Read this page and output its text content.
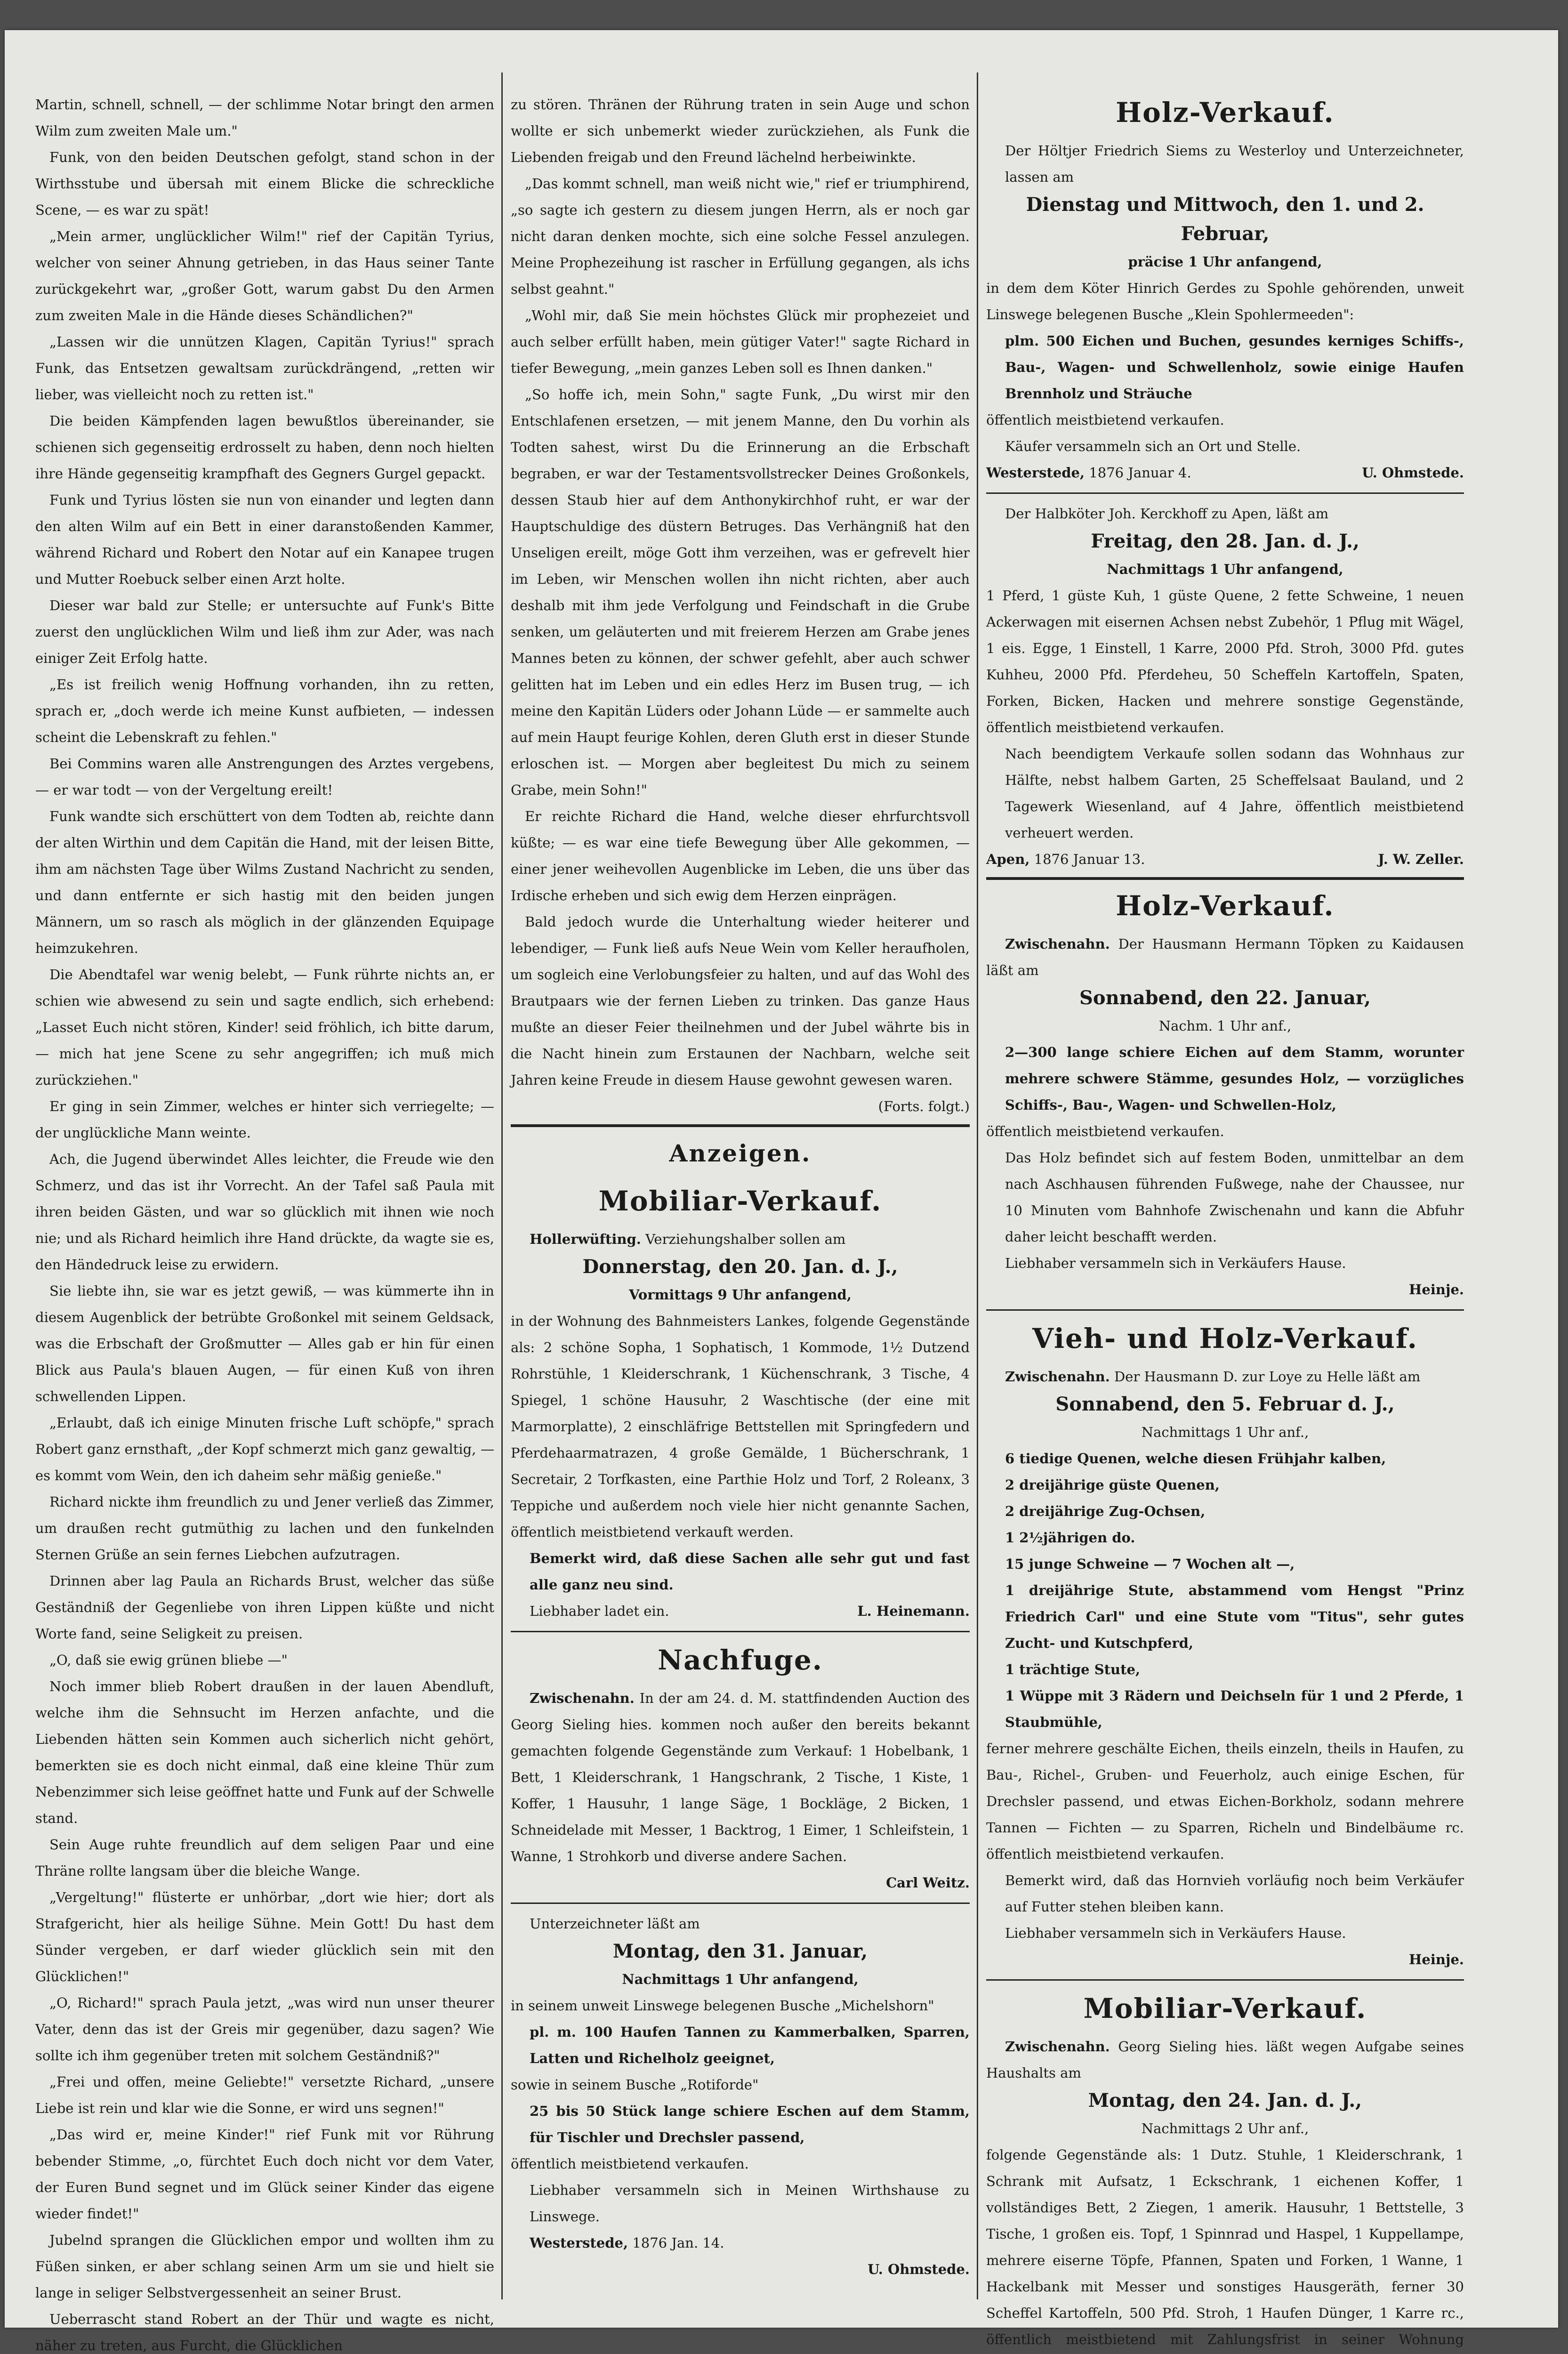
Martin, schnell, schnell, — der schlimme Notar bringt den armen Wilm zum zweiten Male um."

Funk, von den beiden Deutschen gefolgt, stand schon in der Wirthsstube und übersah mit einem Blicke die schreckliche Scene, — es war zu spät!

„Mein armer, unglücklicher Wilm!" rief der Capitän Tyrius, welcher von seiner Ahnung getrieben, in das Haus seiner Tante zurückgekehrt war, „großer Gott, warum gabst Du den Armen zum zweiten Male in die Hände dieses Schändlichen?"

„Lassen wir die unnützen Klagen, Capitän Tyrius!" sprach Funk, das Entsetzen gewaltsam zurückdrängend, „retten wir lieber, was vielleicht noch zu retten ist."

Die beiden Kämpfenden lagen bewußtlos übereinander, sie schienen sich gegenseitig erdrosselt zu haben, denn noch hielten ihre Hände gegenseitig krampfhaft des Gegners Gurgel gepackt.

Funk und Tyrius lösten sie nun von einander und legten dann den alten Wilm auf ein Bett in einer daranstoßenden Kammer, während Richard und Robert den Notar auf ein Kanapee trugen und Mutter Roebuck selber einen Arzt holte.

Dieser war bald zur Stelle; er untersuchte auf Funk's Bitte zuerst den unglücklichen Wilm und ließ ihm zur Ader, was nach einiger Zeit Erfolg hatte.

„Es ist freilich wenig Hoffnung vorhanden, ihn zu retten, sprach er, „doch werde ich meine Kunst aufbieten, — indessen scheint die Lebenskraft zu fehlen."

Bei Commins waren alle Anstrengungen des Arztes vergebens, — er war todt — von der Vergeltung ereilt!

Funk wandte sich erschüttert von dem Todten ab, reichte dann der alten Wirthin und dem Capitän die Hand, mit der leisen Bitte, ihm am nächsten Tage über Wilms Zustand Nachricht zu senden, und dann entfernte er sich hastig mit den beiden jungen Männern, um so rasch als möglich in der glänzenden Equipage heimzukehren.

Die Abendtafel war wenig belebt, — Funk rührte nichts an, er schien wie abwesend zu sein und sagte endlich, sich erhebend: „Lasset Euch nicht stören, Kinder! seid fröhlich, ich bitte darum, — mich hat jene Scene zu sehr angegriffen; ich muß mich zurückziehen."

Er ging in sein Zimmer, welches er hinter sich verriegelte; — der unglückliche Mann weinte.

Ach, die Jugend überwindet Alles leichter, die Freude wie den Schmerz, und das ist ihr Vorrecht. An der Tafel saß Paula mit ihren beiden Gästen, und war so glücklich mit ihnen wie noch nie; und als Richard heimlich ihre Hand drückte, da wagte sie es, den Händedruck leise zu erwidern.

Sie liebte ihn, sie war es jetzt gewiß, — was kümmerte ihn in diesem Augenblick der betrübte Großonkel mit seinem Geldsack, was die Erbschaft der Großmutter — Alles gab er hin für einen Blick aus Paula's blauen Augen, — für einen Kuß von ihren schwellenden Lippen.

„Erlaubt, daß ich einige Minuten frische Luft schöpfe," sprach Robert ganz ernsthaft, „der Kopf schmerzt mich ganz gewaltig, — es kommt vom Wein, den ich daheim sehr mäßig genieße."

Richard nickte ihm freundlich zu und Jener verließ das Zimmer, um draußen recht gutmüthig zu lachen und den funkelnden Sternen Grüße an sein fernes Liebchen aufzutragen.

Drinnen aber lag Paula an Richards Brust, welcher das süße Geständniß der Gegenliebe von ihren Lippen küßte und nicht Worte fand, seine Seligkeit zu preisen.

„O, daß sie ewig grünen bliebe —"

Noch immer blieb Robert draußen in der lauen Abendluft, welche ihm die Sehnsucht im Herzen anfachte, und die Liebenden hätten sein Kommen auch sicherlich nicht gehört, bemerkten sie es doch nicht einmal, daß eine kleine Thür zum Nebenzimmer sich leise geöffnet hatte und Funk auf der Schwelle stand.

Sein Auge ruhte freundlich auf dem seligen Paar und eine Thräne rollte langsam über die bleiche Wange.

„Vergeltung!" flüsterte er unhörbar, „dort wie hier; dort als Strafgericht, hier als heilige Sühne. Mein Gott! Du hast dem Sünder vergeben, er darf wieder glücklich sein mit den Glücklichen!"

„O, Richard!" sprach Paula jetzt, „was wird nun unser theurer Vater, denn das ist der Greis mir gegenüber, dazu sagen? Wie sollte ich ihm gegenüber treten mit solchem Geständniß?"

„Frei und offen, meine Geliebte!" versetzte Richard, „unsere Liebe ist rein und klar wie die Sonne, er wird uns segnen!"

„Das wird er, meine Kinder!" rief Funk mit vor Rührung bebender Stimme, „o, fürchtet Euch doch nicht vor dem Vater, der Euren Bund segnet und im Glück seiner Kinder das eigene wieder findet!"

Jubelnd sprangen die Glücklichen empor und wollten ihm zu Füßen sinken, er aber schlang seinen Arm um sie und hielt sie lange in seliger Selbstvergessenheit an seiner Brust.

Ueberrascht stand Robert an der Thür und wagte es nicht, näher zu treten, aus Furcht, die Glücklichen

zu stören. Thränen der Rührung traten in sein Auge und schon wollte er sich unbemerkt wieder zurückziehen, als Funk die Liebenden freigab und den Freund lächelnd herbeiwinkte.

„Das kommt schnell, man weiß nicht wie," rief er triumphirend, „so sagte ich gestern zu diesem jungen Herrn, als er noch gar nicht daran denken mochte, sich eine solche Fessel anzulegen. Meine Prophezeihung ist rascher in Erfüllung gegangen, als ichs selbst geahnt."

„Wohl mir, daß Sie mein höchstes Glück mir prophezeiet und auch selber erfüllt haben, mein gütiger Vater!" sagte Richard in tiefer Bewegung, „mein ganzes Leben soll es Ihnen danken."

„So hoffe ich, mein Sohn," sagte Funk, „Du wirst mir den Entschlafenen ersetzen, — mit jenem Manne, den Du vorhin als Todten sahest, wirst Du die Erinnerung an die Erbschaft begraben, er war der Testamentsvollstrecker Deines Großonkels, dessen Staub hier auf dem Anthonykirchhof ruht, er war der Hauptschuldige des düstern Betruges. Das Verhängniß hat den Unseligen ereilt, möge Gott ihm verzeihen, was er gefrevelt hier im Leben, wir Menschen wollen ihn nicht richten, aber auch deshalb mit ihm jede Verfolgung und Feindschaft in die Grube senken, um geläuterten und mit freierem Herzen am Grabe jenes Mannes beten zu können, der schwer gefehlt, aber auch schwer gelitten hat im Leben und ein edles Herz im Busen trug, — ich meine den Kapitän Lüders oder Johann Lüde — er sammelte auch auf mein Haupt feurige Kohlen, deren Gluth erst in dieser Stunde erloschen ist. — Morgen aber begleitest Du mich zu seinem Grabe, mein Sohn!"

Er reichte Richard die Hand, welche dieser ehrfurchtsvoll küßte; — es war eine tiefe Bewegung über Alle gekommen, — einer jener weihevollen Augenblicke im Leben, die uns über das Irdische erheben und sich ewig dem Herzen einprägen.

Bald jedoch wurde die Unterhaltung wieder heiterer und lebendiger, — Funk ließ aufs Neue Wein vom Keller heraufholen, um sogleich eine Verlobungsfeier zu halten, und auf das Wohl des Brautpaars wie der fernen Lieben zu trinken. Das ganze Haus mußte an dieser Feier theilnehmen und der Jubel währte bis in die Nacht hinein zum Erstaunen der Nachbarn, welche seit Jahren keine Freude in diesem Hause gewohnt gewesen waren.

(Forts. folgt.)

Anzeigen.
Mobiliar-Verkauf.

Hollerwüfting. Verziehungshalber sollen am

Donnerstag, den 20. Jan. d. J.,
Vormittags 9 Uhr anfangend,

in der Wohnung des Bahnmeisters Lankes, folgende Gegenstände als: 2 schöne Sopha, 1 Sophatisch, 1 Kommode, 1½ Dutzend Rohrstühle, 1 Kleiderschrank, 1 Küchenschrank, 3 Tische, 4 Spiegel, 1 schöne Hausuhr, 2 Waschtische (der eine mit Marmorplatte), 2 einschläfrige Bettstellen mit Springfedern und Pferdehaarmatrazen, 4 große Gemälde, 1 Bücherschrank, 1 Secretair, 2 Torfkasten, eine Parthie Holz und Torf, 2 Roleanx, 3 Teppiche und außerdem noch viele hier nicht genannte Sachen, öffentlich meistbietend verkauft werden.

Bemerkt wird, daß diese Sachen alle sehr gut und fast alle ganz neu sind.

Liebhaber ladet ein.	L. Heinemann.

Nachfuge.

Zwischenahn. In der am 24. d. M. stattfindenden Auction des Georg Sieling hies. kommen noch außer den bereits bekannt gemachten folgende Gegenstände zum Verkauf: 1 Hobelbank, 1 Bett, 1 Kleiderschrank, 1 Hangschrank, 2 Tische, 1 Kiste, 1 Koffer, 1 Hausuhr, 1 lange Säge, 1 Bockläge, 2 Bicken, 1 Schneidelade mit Messer, 1 Backtrog, 1 Eimer, 1 Schleifstein, 1 Wanne, 1 Strohkorb und diverse andere Sachen.

Carl Weitz.

Unterzeichneter läßt am

Montag, den 31. Januar,
Nachmittags 1 Uhr anfangend,

in seinem unweit Linswege belegenen Busche „Michelshorn"

pl. m. 100 Haufen Tannen zu Kammerbalken, Sparren, Latten und Richelholz geeignet,

sowie in seinem Busche „Rotiforde"

25 bis 50 Stück lange schiere Eschen auf dem Stamm, für Tischler und Drechsler passend,

öffentlich meistbietend verkaufen.

Liebhaber versammeln sich in Meinen Wirthshause zu Linswege.

Westerstede, 1876 Jan. 14.

U. Ohmstede.

Holz-Verkauf.

Der Höltjer Friedrich Siems zu Westerloy und Unterzeichneter, lassen am

Dienstag und Mittwoch, den 1. und 2. Februar,
präcise 1 Uhr anfangend,

in dem dem Köter Hinrich Gerdes zu Spohle gehörenden, unweit Linswege belegenen Busche „Klein Spohlermeeden":

plm. 500 Eichen und Buchen, gesundes kerniges Schiffs-, Bau-, Wagen- und Schwellenholz, sowie einige Haufen Brennholz und Sträuche

öffentlich meistbietend verkaufen.

Käufer versammeln sich an Ort und Stelle.

Westerstede, 1876 Januar 4.	U. Ohmstede.

Der Halbköter Joh. Kerckhoff zu Apen, läßt am

Freitag, den 28. Jan. d. J.,
Nachmittags 1 Uhr anfangend,

1 Pferd, 1 güste Kuh, 1 güste Quene, 2 fette Schweine, 1 neuen Ackerwagen mit eisernen Achsen nebst Zubehör, 1 Pflug mit Wägel, 1 eis. Egge, 1 Einstell, 1 Karre, 2000 Pfd. Stroh, 3000 Pfd. gutes Kuhheu, 2000 Pfd. Pferdeheu, 50 Scheffeln Kartoffeln, Spaten, Forken, Bicken, Hacken und mehrere sonstige Gegenstände, öffentlich meistbietend verkaufen.

Nach beendigtem Verkaufe sollen sodann das Wohnhaus zur Hälfte, nebst halbem Garten, 25 Scheffelsaat Bauland, und 2 Tagewerk Wiesenland, auf 4 Jahre, öffentlich meistbietend verheuert werden.

Apen, 1876 Januar 13.	J. W. Zeller.

Holz-Verkauf.

Zwischenahn. Der Hausmann Hermann Töpken zu Kaidausen läßt am

Sonnabend, den 22. Januar,
Nachm. 1 Uhr anf.,

2—300 lange schiere Eichen auf dem Stamm, worunter mehrere schwere Stämme, gesundes Holz, — vorzügliches Schiffs-, Bau-, Wagen- und Schwellen-Holz,

öffentlich meistbietend verkaufen.

Das Holz befindet sich auf festem Boden, unmittelbar an dem nach Aschhausen führenden Fußwege, nahe der Chaussee, nur 10 Minuten vom Bahnhofe Zwischenahn und kann die Abfuhr daher leicht beschafft werden.

Liebhaber versammeln sich in Verkäufers Hause.

Heinje.

Vieh- und Holz-Verkauf.

Zwischenahn. Der Hausmann D. zur Loye zu Helle läßt am

Sonnabend, den 5. Februar d. J.,
Nachmittags 1 Uhr anf.,

6 tiedige Quenen, welche diesen Frühjahr kalben,

2 dreijährige güste Quenen,

2 dreijährige Zug-Ochsen,

1 2½jährigen do.

15 junge Schweine — 7 Wochen alt —,

1 dreijährige Stute, abstammend vom Hengst "Prinz Friedrich Carl" und eine Stute vom "Titus", sehr gutes Zucht- und Kutschpferd,

1 trächtige Stute,

1 Wüppe mit 3 Rädern und Deichseln für 1 und 2 Pferde, 1 Staubmühle,

ferner mehrere geschälte Eichen, theils einzeln, theils in Haufen, zu Bau-, Richel-, Gruben- und Feuerholz, auch einige Eschen, für Drechsler passend, und etwas Eichen-Borkholz, sodann mehrere Tannen — Fichten — zu Sparren, Richeln und Bindelbäume rc. öffentlich meistbietend verkaufen.

Bemerkt wird, daß das Hornvieh vorläufig noch beim Verkäufer auf Futter stehen bleiben kann.

Liebhaber versammeln sich in Verkäufers Hause.

Heinje.

Mobiliar-Verkauf.

Zwischenahn. Georg Sieling hies. läßt wegen Aufgabe seines Haushalts am

Montag, den 24. Jan. d. J.,
Nachmittags 2 Uhr anf.,

folgende Gegenstände als: 1 Dutz. Stuhle, 1 Kleiderschrank, 1 Schrank mit Aufsatz, 1 Eckschrank, 1 eichenen Koffer, 1 vollständiges Bett, 2 Ziegen, 1 amerik. Hausuhr, 1 Bettstelle, 3 Tische, 1 großen eis. Topf, 1 Spinnrad und Haspel, 1 Kuppellampe, mehrere eiserne Töpfe, Pfannen, Spaten und Forken, 1 Wanne, 1 Hackelbank mit Messer und sonstiges Hausgeräth, ferner 30 Scheffel Kartoffeln, 500 Pfd. Stroh, 1 Haufen Dünger, 1 Karre rc., öffentlich meistbietend mit Zahlungsfrist in seiner Wohnung
